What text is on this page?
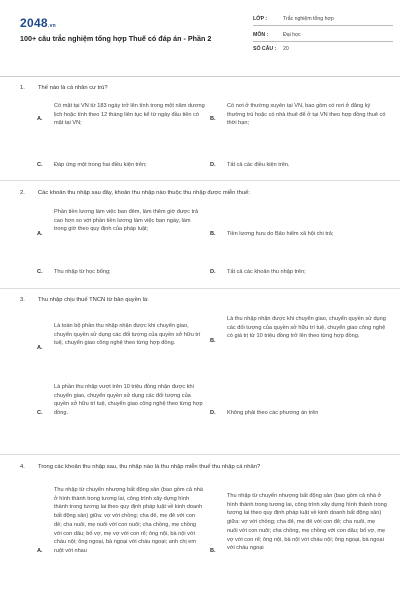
2048.vn
100+ câu trắc nghiệm tổng hợp Thuế có đáp án - Phần 2
LỚP :	Trắc nghiệm tổng hợp
MÔN :	Đại học
SỐ CÂU : 20
1. Thế nào là cá nhân cư trú?
A.
Có mặt tại VN từ 183 ngày trở lên tính trong một năm dương lịch hoặc tính theo 12 tháng liên tục kể từ ngày đầu tiên có mặt tại VN;
B.
Có nơi ở thường xuyên tại VN, bao gồm có nơi ở đăng ký thường trú hoặc có nhà thuê để ở tại VN theo hợp đồng thuê có thời hạn;
C. Đáp ứng một trong hai điều kiện trên;	D. Tất cả các điều kiện trên.
2. Các khoản thu nhập sau đây, khoản thu nhập nào thuộc thu nhập được miễn thuế:
A.
Phần tiền lương làm việc ban đêm, làm thêm giờ được trả cao hơn so với phần tiền lương làm việc ban ngày, làm trong giờ theo quy định của pháp luật;
B. Tiền lương hưu do Bảo hiểm xã hội chi trả;
C. Thu nhập từ học bổng;	D. Tất cả các khoản thu nhập trên;
3. Thu nhập chịu thuế TNCN từ bản quyền là:
A.
Là toàn bộ phần thu nhập nhận được khi chuyển giao, chuyển quyền sử dụng các đối tượng của quyền sở hữu trí tuệ, chuyển giao công nghệ theo từng hợp đồng.	B.
Là thu nhập nhận được khi chuyển giao, chuyển quyền sử dụng các đối tượng của quyền sở hữu trí tuệ, chuyển giao công nghệ có giá trị từ 10 triệu đồng trở lên theo từng hợp đồng.
C.
Là phần thu nhập vượt trên 10 triệu đồng nhận được khi chuyển giao, chuyển quyền sử dụng các đối tượng của quyền sở hữu trí tuệ, chuyển giao công nghệ theo từng hợp đồng.	D. Không phải theo các phương án trên
4. Trong các khoản thu nhập sau, thu nhập nào là thu nhập miễn thuế thu nhập cá nhân?
A.
Thu nhập từ chuyển nhượng bất động sản (bao gồm cả nhà ở hình thành trong tương lai, công trình xây dựng hình thành trong tương lai theo quy định pháp luật về kinh doanh bất động sản) giữa: vợ với chồng; cha đẻ, mẹ đẻ với con đẻ; cha nuôi, mẹ nuôi với con nuôi; cha chồng, mẹ chồng với con dâu; bố vợ, mẹ vợ với con rể; ông nội, bà nội với cháu nội; ông ngoại, bà ngoại với cháu ngoại; anh chị em ruột với nhau	B.
Thu nhập từ chuyển nhượng bất động sản (bao gồm cả nhà ở hình thành trong tương lai, công trình xây dựng hình thành trong tương lai theo quy định pháp luật về kinh doanh bất động sản) giữa: vợ với chồng; cha đẻ, mẹ đẻ với con đẻ; cha nuôi, mẹ nuôi với con nuôi; cha chồng, mẹ chồng với con dâu; bố vợ, mẹ vợ với con rể; ông nội, bà nội với cháu nội; ông ngoại, bà ngoại với cháu ngoại
